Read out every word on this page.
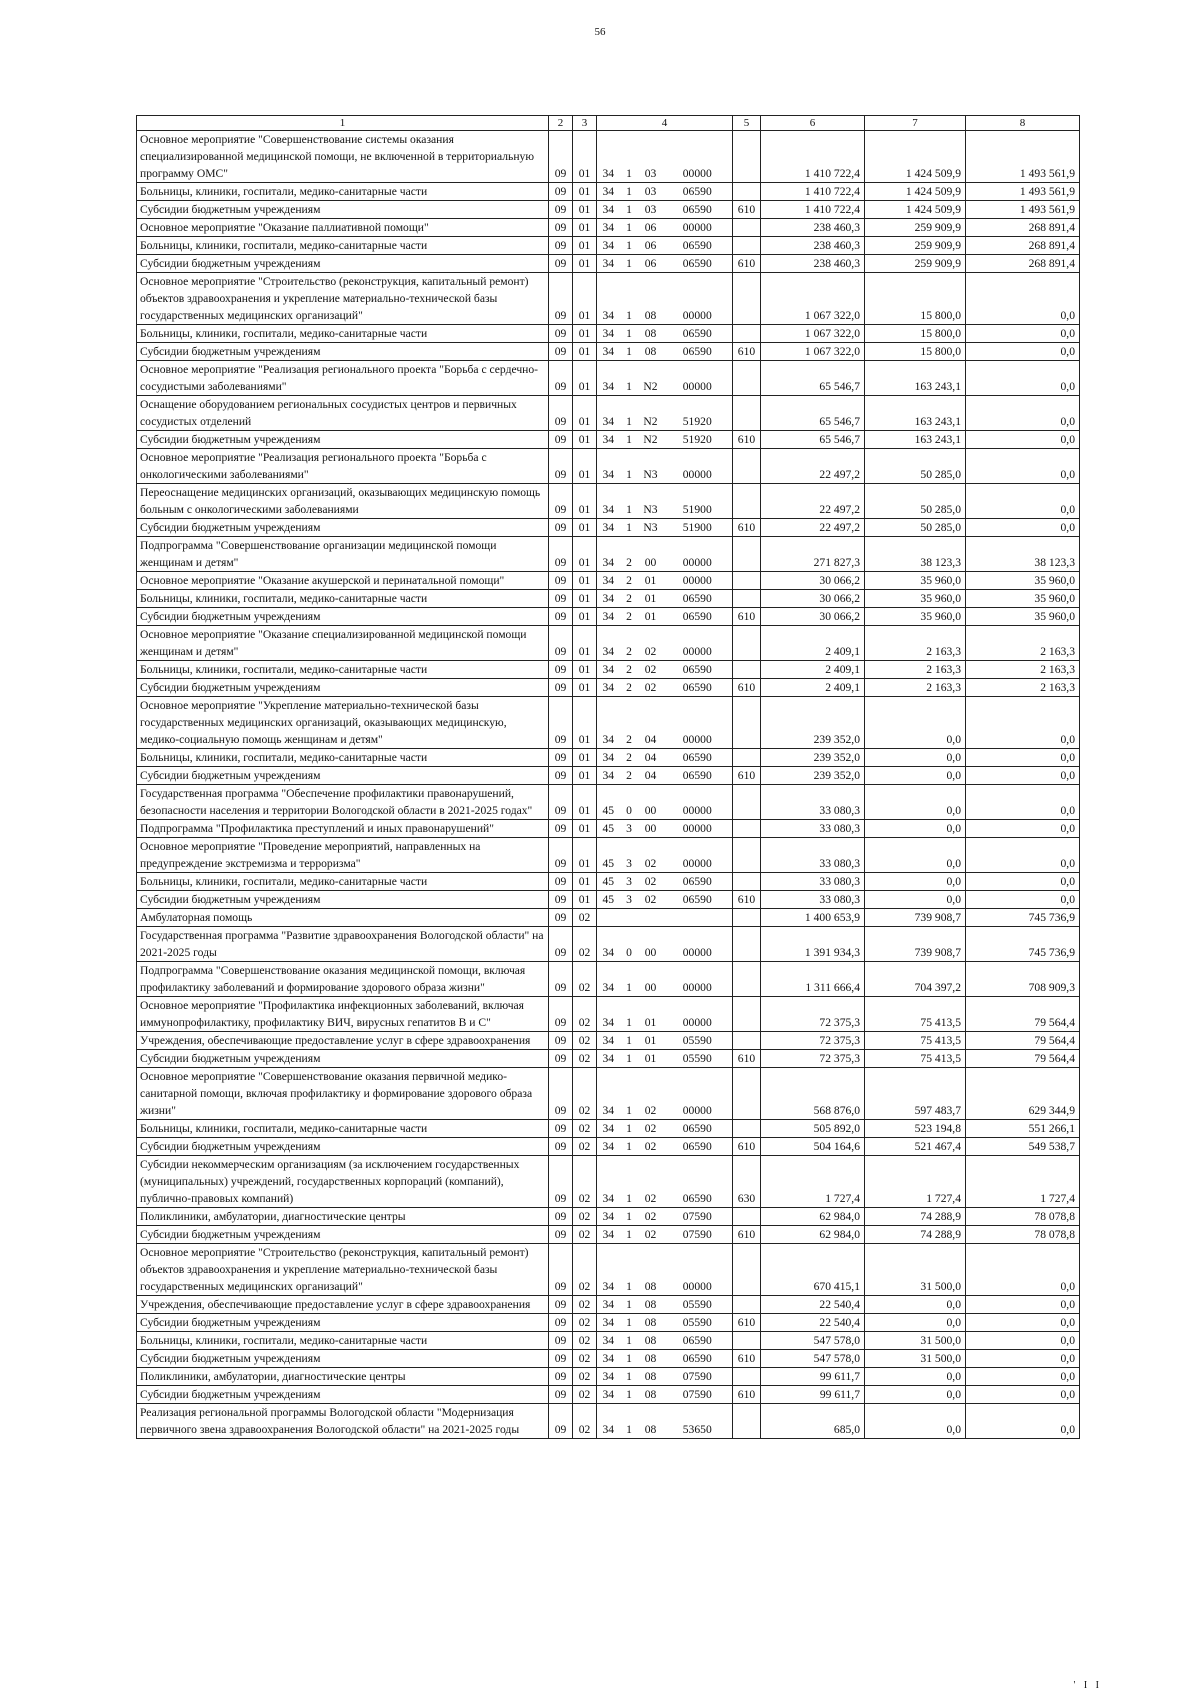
56
1	2	3	4				5	6	7	8
Основное мероприятие "Совершенствование системы оказания специализированной медицинской помощи, не включенной в территориальную программу ОМС"	09	01	34	1	03	00000		1 410 722,4	1 424 509,9	1 493 561,9
Больницы, клиники, госпитали, медико-санитарные части	09	01	34	1	03	06590		1 410 722,4	1 424 509,9	1 493 561,9
Субсидии бюджетным учреждениям	09	01	34	1	03	06590	610	1 410 722,4	1 424 509,9	1 493 561,9
Основное мероприятие "Оказание паллиативной помощи"	09	01	34	1	06	00000		238 460,3	259 909,9	268 891,4
Больницы, клиники, госпитали, медико-санитарные части	09	01	34	1	06	06590		238 460,3	259 909,9	268 891,4
Субсидии бюджетным учреждениям	09	01	34	1	06	06590	610	238 460,3	259 909,9	268 891,4
Основное мероприятие "Строительство (реконструкция, капитальный ремонт) объектов здравоохранения и укрепление материально-технической базы государственных медицинских организаций"	09	01	34	1	08	00000		1 067 322,0	15 800,0	0,0
Больницы, клиники, госпитали, медико-санитарные части	09	01	34	1	08	06590		1 067 322,0	15 800,0	0,0
Субсидии бюджетным учреждениям	09	01	34	1	08	06590	610	1 067 322,0	15 800,0	0,0
Основное мероприятие "Реализация регионального проекта "Борьба с сердечно-сосудистыми заболеваниями"	09	01	34	1	N2	00000		65 546,7	163 243,1	0,0
Оснащение оборудованием региональных сосудистых центров и первичных сосудистых отделений	09	01	34	1	N2	51920		65 546,7	163 243,1	0,0
Субсидии бюджетным учреждениям	09	01	34	1	N2	51920	610	65 546,7	163 243,1	0,0
Основное мероприятие "Реализация регионального проекта "Борьба с онкологическими заболеваниями"	09	01	34	1	N3	00000		22 497,2	50 285,0	0,0
Переоснащение медицинских организаций, оказывающих медицинскую помощь больным с онкологическими заболеваниями	09	01	34	1	N3	51900		22 497,2	50 285,0	0,0
Субсидии бюджетным учреждениям	09	01	34	1	N3	51900	610	22 497,2	50 285,0	0,0
Подпрограмма "Совершенствование организации медицинской помощи женщинам и детям"	09	01	34	2	00	00000		271 827,3	38 123,3	38 123,3
Основное мероприятие "Оказание акушерской и перинатальной помощи"	09	01	34	2	01	00000		30 066,2	35 960,0	35 960,0
Больницы, клиники, госпитали, медико-санитарные части	09	01	34	2	01	06590		30 066,2	35 960,0	35 960,0
Субсидии бюджетным учреждениям	09	01	34	2	01	06590	610	30 066,2	35 960,0	35 960,0
Основное мероприятие "Оказание специализированной медицинской помощи женщинам и детям"	09	01	34	2	02	00000		2 409,1	2 163,3	2 163,3
Больницы, клиники, госпитали, медико-санитарные части	09	01	34	2	02	06590		2 409,1	2 163,3	2 163,3
Субсидии бюджетным учреждениям	09	01	34	2	02	06590	610	2 409,1	2 163,3	2 163,3
Основное мероприятие "Укрепление материально-технической базы государственных медицинских организаций, оказывающих медицинскую, медико-социальную помощь женщинам и детям"	09	01	34	2	04	00000		239 352,0	0,0	0,0
Больницы, клиники, госпитали, медико-санитарные части	09	01	34	2	04	06590		239 352,0	0,0	0,0
Субсидии бюджетным учреждениям	09	01	34	2	04	06590	610	239 352,0	0,0	0,0
Государственная программа "Обеспечение профилактики правонарушений, безопасности населения и территории Вологодской области в 2021-2025 годах"	09	01	45	0	00	00000		33 080,3	0,0	0,0
Подпрограмма "Профилактика преступлений и иных правонарушений"	09	01	45	3	00	00000		33 080,3	0,0	0,0
Основное мероприятие "Проведение мероприятий, направленных на предупреждение экстремизма и терроризма"	09	01	45	3	02	00000		33 080,3	0,0	0,0
Больницы, клиники, госпитали, медико-санитарные части	09	01	45	3	02	06590		33 080,3	0,0	0,0
Субсидии бюджетным учреждениям	09	01	45	3	02	06590	610	33 080,3	0,0	0,0
Амбулаторная помощь	09	02						1 400 653,9	739 908,7	745 736,9
Государственная программа "Развитие здравоохранения Вологодской области" на 2021-2025 годы	09	02	34	0	00	00000		1 391 934,3	739 908,7	745 736,9
Подпрограмма "Совершенствование оказания медицинской помощи, включая профилактику заболеваний и формирование здорового образа жизни"	09	02	34	1	00	00000		1 311 666,4	704 397,2	708 909,3
Основное мероприятие "Профилактика инфекционных заболеваний, включая иммунопрофилактику, профилактику ВИЧ, вирусных гепатитов В и С"	09	02	34	1	01	00000		72 375,3	75 413,5	79 564,4
Учреждения, обеспечивающие предоставление услуг в сфере здравоохранения	09	02	34	1	01	05590		72 375,3	75 413,5	79 564,4
Субсидии бюджетным учреждениям	09	02	34	1	01	05590	610	72 375,3	75 413,5	79 564,4
Основное мероприятие "Совершенствование оказания первичной медико-санитарной помощи, включая профилактику и формирование здорового образа жизни"	09	02	34	1	02	00000		568 876,0	597 483,7	629 344,9
Больницы, клиники, госпитали, медико-санитарные части	09	02	34	1	02	06590		505 892,0	523 194,8	551 266,1
Субсидии бюджетным учреждениям	09	02	34	1	02	06590	610	504 164,6	521 467,4	549 538,7
Субсидии некоммерческим организациям (за исключением государственных (муниципальных) учреждений, государственных корпораций (компаний), публично-правовых компаний)	09	02	34	1	02	06590	630	1 727,4	1 727,4	1 727,4
Поликлиники, амбулатории, диагностические центры	09	02	34	1	02	07590		62 984,0	74 288,9	78 078,8
Субсидии бюджетным учреждениям	09	02	34	1	02	07590	610	62 984,0	74 288,9	78 078,8
Основное мероприятие "Строительство (реконструкция, капитальный ремонт) объектов здравоохранения и укрепление материально-технической базы государственных медицинских организаций"	09	02	34	1	08	00000		670 415,1	31 500,0	0,0
Учреждения, обеспечивающие предоставление услуг в сфере здравоохранения	09	02	34	1	08	05590		22 540,4	0,0	0,0
Субсидии бюджетным учреждениям	09	02	34	1	08	05590	610	22 540,4	0,0	0,0
Больницы, клиники, госпитали, медико-санитарные части	09	02	34	1	08	06590		547 578,0	31 500,0	0,0
Субсидии бюджетным учреждениям	09	02	34	1	08	06590	610	547 578,0	31 500,0	0,0
Поликлиники, амбулатории, диагностические центры	09	02	34	1	08	07590		99 611,7	0,0	0,0
Субсидии бюджетным учреждениям	09	02	34	1	08	07590	610	99 611,7	0,0	0,0
Реализация региональной программы Вологодской области "Модернизация первичного звена здравоохранения Вологодской области" на 2021-2025 годы	09	02	34	1	08	53650		685,0	0,0	0,0
' I I
